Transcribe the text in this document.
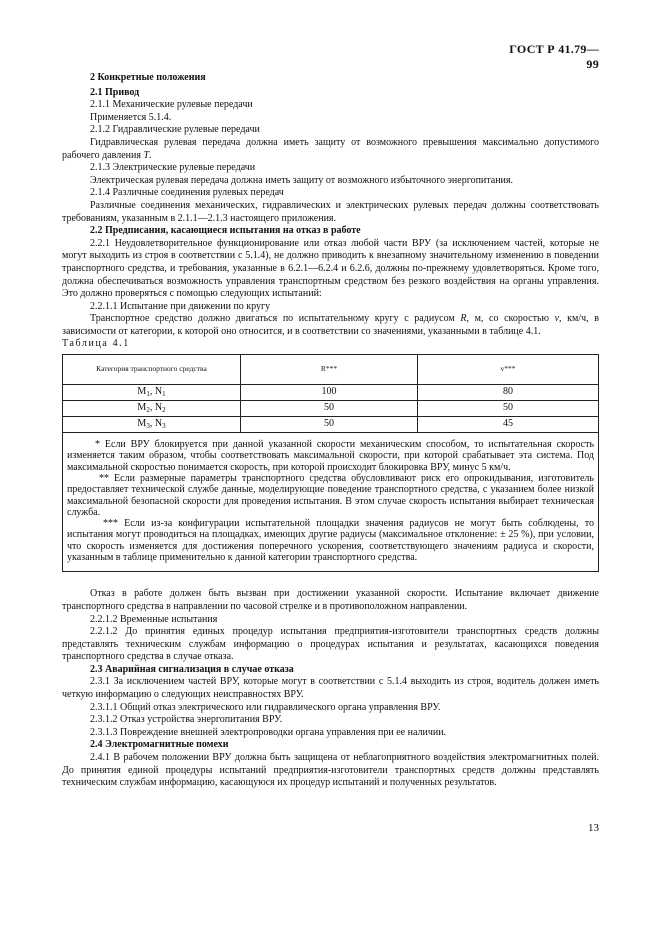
ГОСТ Р 41.79—99

2 Конкретные положения

2.1 Привод

2.1.1 Механические рулевые передачи

Применяется 5.1.4.

2.1.2 Гидравлические рулевые передачи

Гидравлическая рулевая передача должна иметь защиту от возможного превышения максимально допустимого рабочего давления T.

2.1.3 Электрические рулевые передачи

Электрическая рулевая передача должна иметь защиту от возможного избыточного энергопитания.

2.1.4 Различные соединения рулевых передач

Различные соединения механических, гидравлических и электрических рулевых передач должны соответствовать требованиям, указанным в 2.1.1—2.1.3 настоящего приложения.

2.2 Предписания, касающиеся испытания на отказ в работе

2.2.1 Неудовлетворительное функционирование или отказ любой части ВРУ (за исключением частей, которые не могут выходить из строя в соответствии с 5.1.4), не должно приводить к внезапному значительному изменению в поведении транспортного средства, и требования, указанные в 6.2.1—6.2.4 и 6.2.6, должны по-прежнему удовлетворяться. Кроме того, должна обеспечиваться возможность управления транспортным средством без резкого воздействия на органы управления. Это должно проверяться с помощью следующих испытаний:

2.2.1.1 Испытание при движении по кругу

Транспортное средство должно двигаться по испытательному кругу с радиусом R, м, со скоростью v, км/ч, в зависимости от категории, к которой оно относится, и в соответствии со значениями, указанными в таблице 4.1.

Таблица 4.1

Категория транспортного средства	R***	v***
$M_1$, $N_1$	100	80
$M_2$, $N_2$	50	50
$M_3$, $N_3$	50	45

* Если ВРУ блокируется при данной указанной скорости механическим способом, то испытательная скорость изменяется таким образом, чтобы соответствовать максимальной скорости, при которой срабатывает эта система. Под максимальной скоростью понимается скорость, при которой происходит блокировка ВРУ, минус 5 км/ч.

** Если размерные параметры транспортного средства обусловливают риск его опрокидывания, изготовитель предоставляет технической службе данные, моделирующие поведение транспортного средства, с указанием более низкой максимальной безопасной скорости для проведения испытания. В этом случае скорость испытания выбирает техническая служба.

*** Если из-за конфигурации испытательной площадки значения радиусов не могут быть соблюдены, то испытания могут проводиться на площадках, имеющих другие радиусы (максимальное отклонение: ± 25 %), при условии, что скорость изменяется для достижения поперечного ускорения, соответствующего значениям радиуса и скорости, указанным в таблице применительно к данной категории транспортного средства.		

Отказ в работе должен быть вызван при достижении указанной скорости. Испытание включает движение транспортного средства в направлении по часовой стрелке и в противоположном направлении.

2.2.1.2 Временные испытания

2.2.1.2 До принятия единых процедур испытания предприятия-изготовители транспортных средств должны представлять техническим службам информацию о процедурах испытания и результатах, касающихся поведения транспортного средства в случае отказа.

2.3 Аварийная сигнализация в случае отказа

2.3.1 За исключением частей ВРУ, которые могут в соответствии с 5.1.4 выходить из строя, водитель должен иметь четкую информацию о следующих неисправностях ВРУ.

2.3.1.1 Общий отказ электрического или гидравлического органа управления ВРУ.

2.3.1.2 Отказ устройства энергопитания ВРУ.

2.3.1.3 Повреждение внешней электропроводки органа управления при ее наличии.

2.4 Электромагнитные помехи

2.4.1 В рабочем положении ВРУ должна быть защищена от неблагоприятного воздействия электромагнитных полей. До принятия единой процедуры испытаний предприятия-изготовители транспортных средств должны представлять техническим службам информацию, касающуюся их процедур испытаний и полученных результатов.

13
